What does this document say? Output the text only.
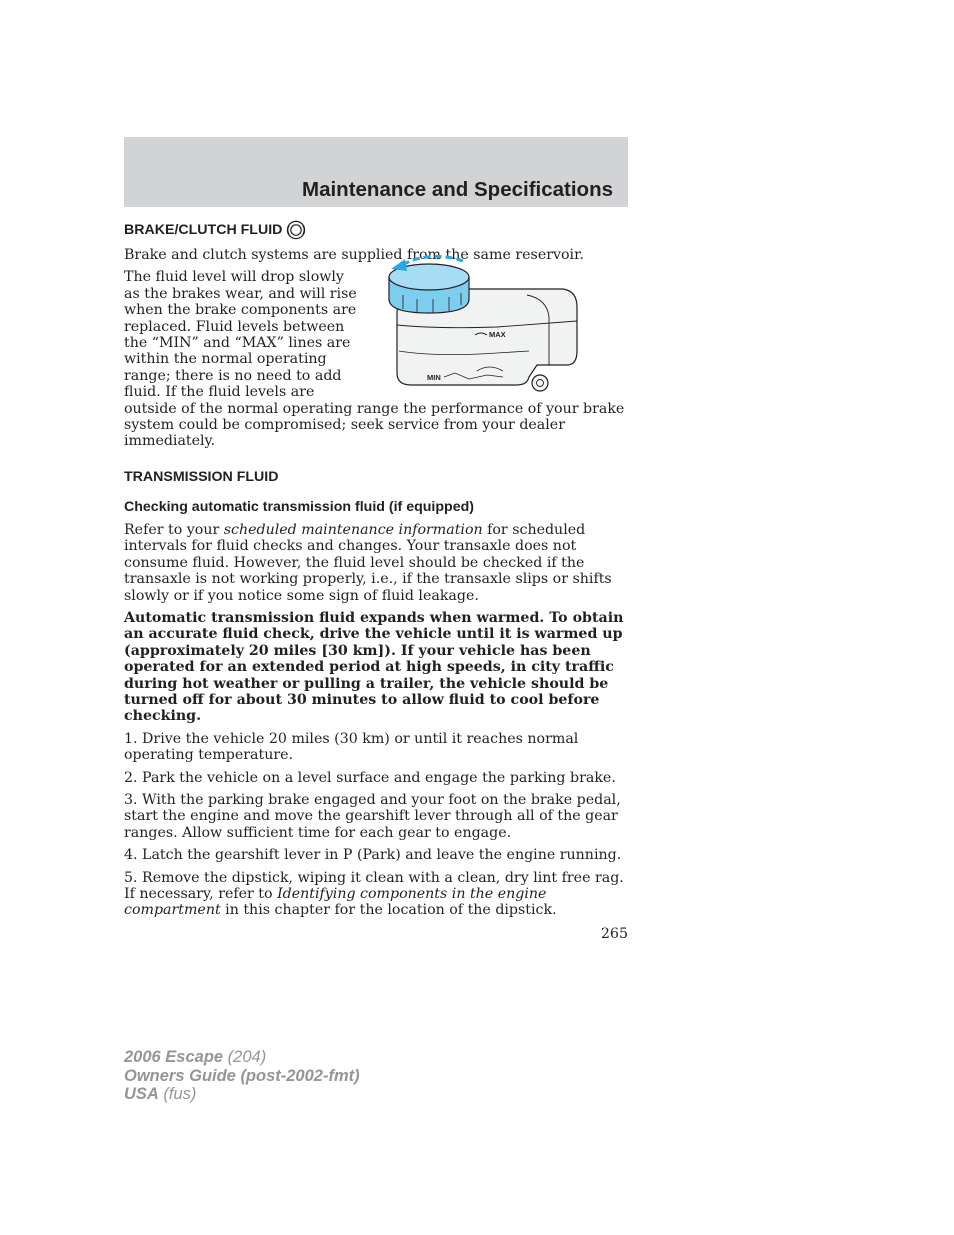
Maintenance and Specifications
BRAKE/CLUTCH FLUID

Brake and clutch systems are supplied from the same reservoir.

MAX
MIN

The fluid level will drop slowly as the brakes wear, and will rise when the brake components are replaced. Fluid levels between the “MIN” and “MAX” lines are within the normal operating range; there is no need to add fluid. If the fluid levels are outside of the normal operating range the performance of your brake system could be compromised; seek service from your dealer immediately.

TRANSMISSION FLUID
Checking automatic transmission fluid (if equipped)

Refer to your scheduled maintenance information for scheduled intervals for fluid checks and changes. Your transaxle does not consume fluid. However, the fluid level should be checked if the transaxle is not working properly, i.e., if the transaxle slips or shifts slowly or if you notice some sign of fluid leakage.

Automatic transmission fluid expands when warmed. To obtain an accurate fluid check, drive the vehicle until it is warmed up (approximately 20 miles [30 km]). If your vehicle has been operated for an extended period at high speeds, in city traffic during hot weather or pulling a trailer, the vehicle should be turned off for about 30 minutes to allow fluid to cool before checking.

1. Drive the vehicle 20 miles (30 km) or until it reaches normal operating temperature.

2. Park the vehicle on a level surface and engage the parking brake.

3. With the parking brake engaged and your foot on the brake pedal, start the engine and move the gearshift lever through all of the gear ranges. Allow sufficient time for each gear to engage.

4. Latch the gearshift lever in P (Park) and leave the engine running.

5. Remove the dipstick, wiping it clean with a clean, dry lint free rag. If necessary, refer to Identifying components in the engine compartment in this chapter for the location of the dipstick.

265
2006 Escape (204)
Owners Guide (post-2002-fmt)
USA (fus)
